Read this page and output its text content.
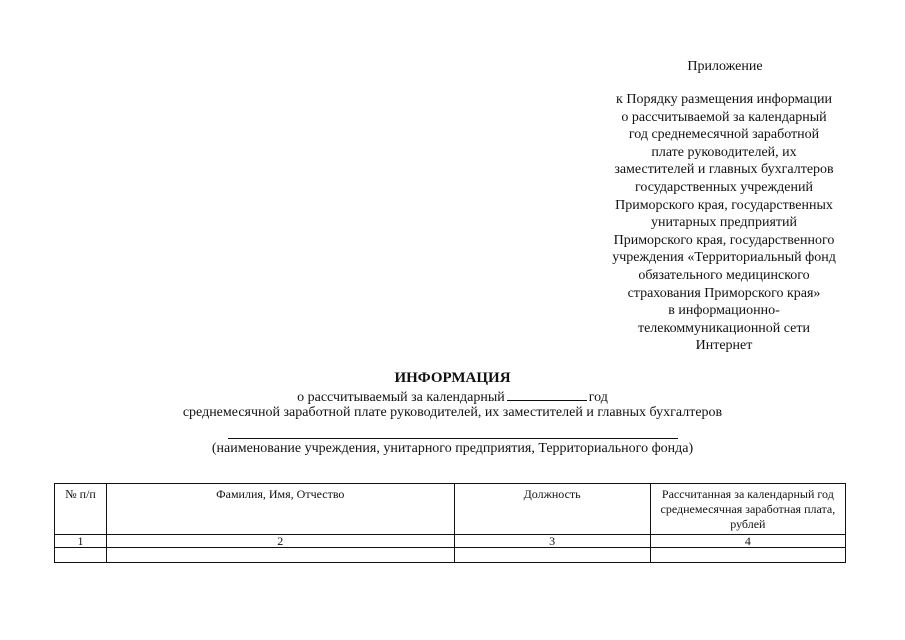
Приложение
к Порядку размещения информации
о рассчитываемой за календарный
год среднемесячной заработной
плате руководителей, их
заместителей и главных бухгалтеров
государственных учреждений
Приморского края, государственных
унитарных предприятий
Приморского края, государственного
учреждения «Территориальный фонд
обязательного медицинского
страхования Приморского края»
в информационно-
телекоммуникационной сети
Интернет
ИНФОРМАЦИЯ
о рассчитываемый за календарный	год
среднемесячной заработной плате руководителей, их заместителей и главных бухгалтеров
(наименование учреждения, унитарного предприятия, Территориального фонда)
№ п/п	Фамилия, Имя, Отчество	Должность	Рассчитанная за календарный год среднемесячная заработная плата, рублей
1	2	3	4
